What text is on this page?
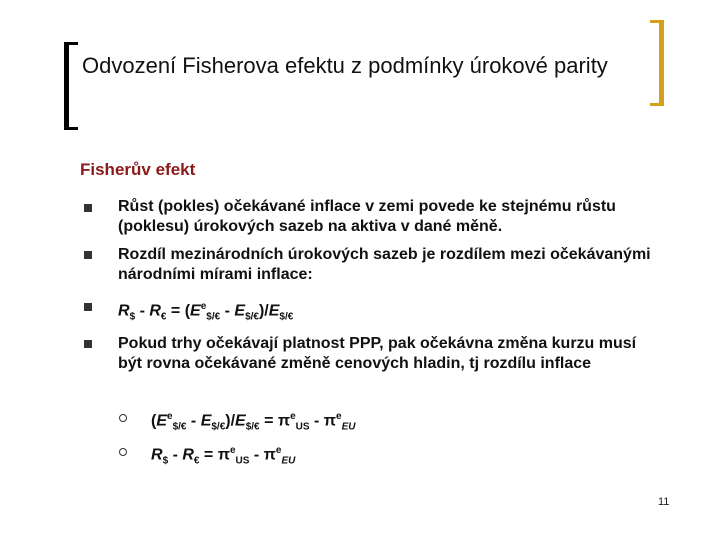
Odvození Fisherova efektu z podmínky úrokové parity
Fisherův efekt
Růst (pokles) očekávané inflace v zemi povede ke stejnému růstu (poklesu) úrokových sazeb na aktiva v dané měně.
Rozdíl mezinárodních úrokových sazeb je rozdílem mezi očekávanými národními mírami inflace:
$R_{\$} - R_€ = (E^e_{\$/€} - E_{\$/€})/E_{\$/€}$
Pokud trhy očekávají platnost PPP, pak očekávna změna kurzu musí být rovna očekávané změně cenových hladin, tj rozdílu inflace
$(E^e_{\$/€} - E_{\$/€})/E_{\$/€} = \pi^e_{US} - \pi^e_{EU}$
$R_{\$} - R_€ = \pi^e_{US} - \pi^e_{EU}$
11
